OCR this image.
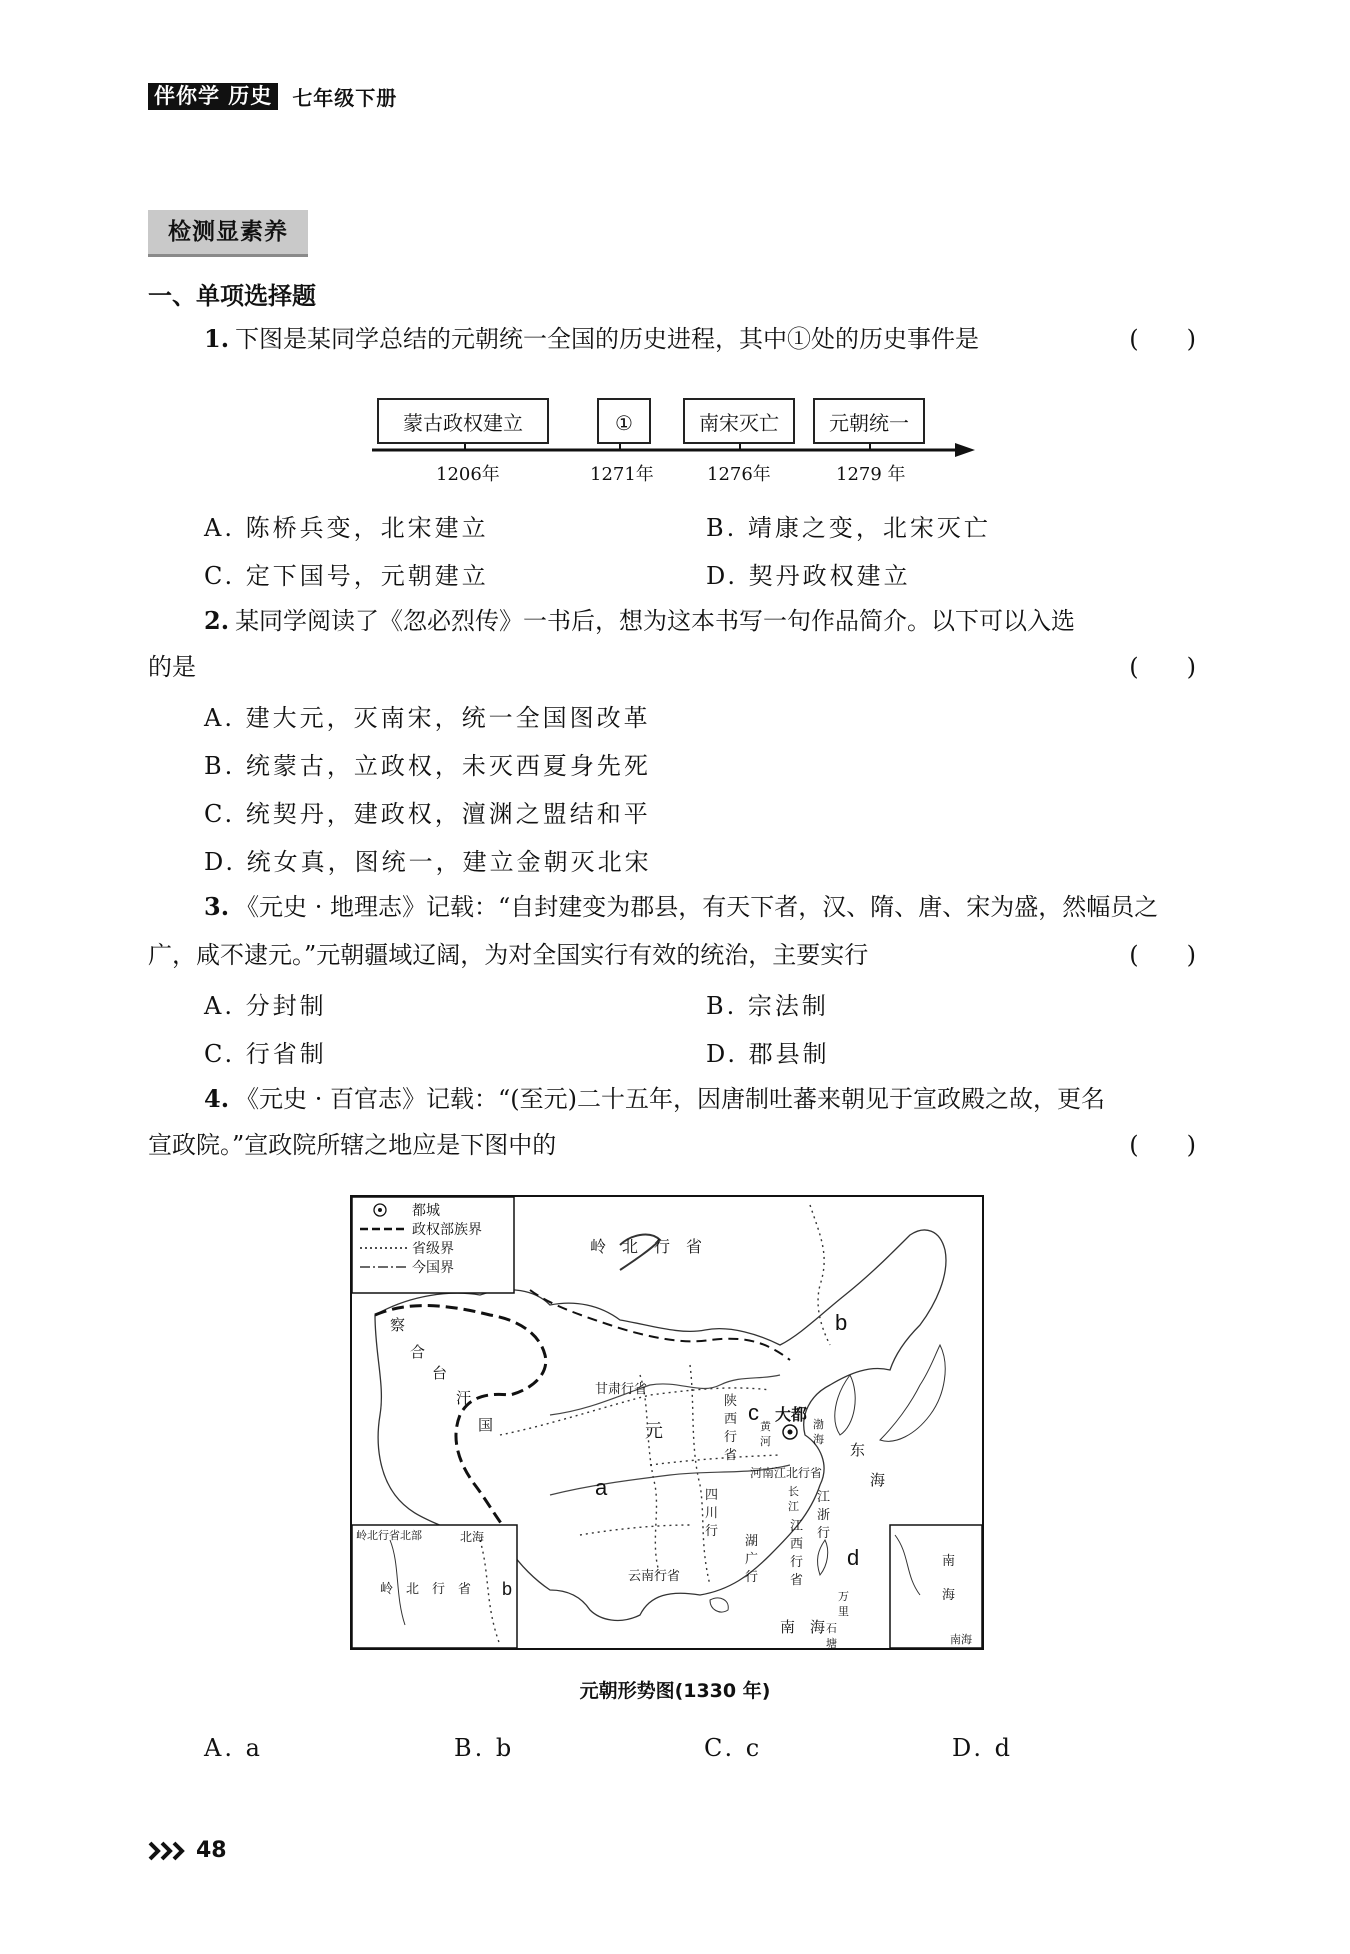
伴你学 历史	七年级下册
检测显素养
一、单项选择题
1. 下图是某同学总结的元朝统一全国的历史进程，其中①处的历史事件是	(　　)
蒙古政权建立	①	南宋灭亡	元朝统一
1206年	1271年	1276年	1279 年
A. 陈桥兵变，北宋建立	B. 靖康之变，北宋灭亡
C. 定下国号，元朝建立	D. 契丹政权建立
2. 某同学阅读了《忽必烈传》一书后，想为这本书写一句作品简介。以下可以入选
的是	(　　)
A. 建大元，灭南宋，统一全国图改革
B. 统蒙古，立政权，未灭西夏身先死
C. 统契丹，建政权，澶渊之盟结和平
D. 统女真，图统一，建立金朝灭北宋
3. 《元史 · 地理志》记载：“自封建变为郡县，有天下者，汉、隋、唐、宋为盛，然幅员之
广，咸不逮元。”元朝疆域辽阔，为对全国实行有效的统治，主要实行	(　　)
A. 分封制	B. 宗法制
C. 行省制	D. 郡县制
4. 《元史 · 百官志》记载：“(至元)二十五年，因唐制吐蕃来朝见于宣政殿之故，更名
宣政院。”宣政院所辖之地应是下图中的	(　　)
都城
政权部族界
省级界
今国界
岭北行省北部	北海
岭　北　行　省 b
南
海
南海
岭　北　行　省
察
合
台
汗
国	元
甘肃行省
陕
西
行
省
四
川
行
河南江北行省
江
浙
行
江
西
行
省
湖
广
行
云南行省
东
海
南　海
黄
河
长
江
渤
海
万
里
石
塘
大都
a
b
c
d
元朝形势图(1330 年)
A. a	B. b	C. c	D. d
48
